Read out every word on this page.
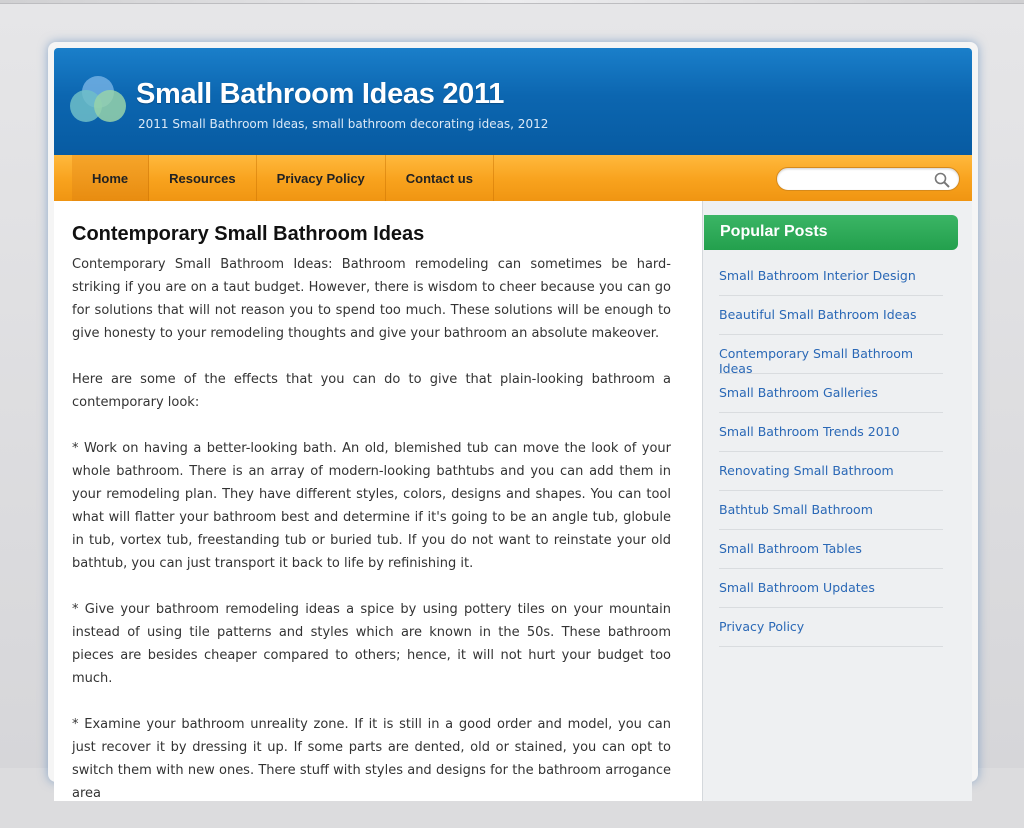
Small Bathroom Ideas 2011
2011 Small Bathroom Ideas, small bathroom decorating ideas, 2012
Home	Resources	Privacy Policy	Contact us
Contemporary Small Bathroom Ideas

Contemporary Small Bathroom Ideas: Bathroom remodeling can sometimes be hard-striking if you are on a taut budget. However, there is wisdom to cheer because you can go for solutions that will not reason you to spend too much. These solutions will be enough to give honesty to your remodeling thoughts and give your bathroom an absolute makeover.

Here are some of the effects that you can do to give that plain-looking bathroom a contemporary look:

* Work on having a better-looking bath. An old, blemished tub can move the look of your whole bathroom. There is an array of modern-looking bathtubs and you can add them in your remodeling plan. They have different styles, colors, designs and shapes. You can tool what will flatter your bathroom best and determine if it's going to be an angle tub, globule in tub, vortex tub, freestanding tub or buried tub. If you do not want to reinstate your old bathtub, you can just transport it back to life by refinishing it.

* Give your bathroom remodeling ideas a spice by using pottery tiles on your mountain instead of using tile patterns and styles which are known in the 50s. These bathroom pieces are besides cheaper compared to others; hence, it will not hurt your budget too much.

* Examine your bathroom unreality zone. If it is still in a good order and model, you can just recover it by dressing it up. If some parts are dented, old or stained, you can opt to switch them with new ones. There stuff with styles and designs for the bathroom arrogance area

Popular Posts
Small Bathroom Interior Design
Beautiful Small Bathroom Ideas
Contemporary Small Bathroom Ideas
Small Bathroom Galleries
Small Bathroom Trends 2010
Renovating Small Bathroom
Bathtub Small Bathroom
Small Bathroom Tables
Small Bathroom Updates
Privacy Policy
